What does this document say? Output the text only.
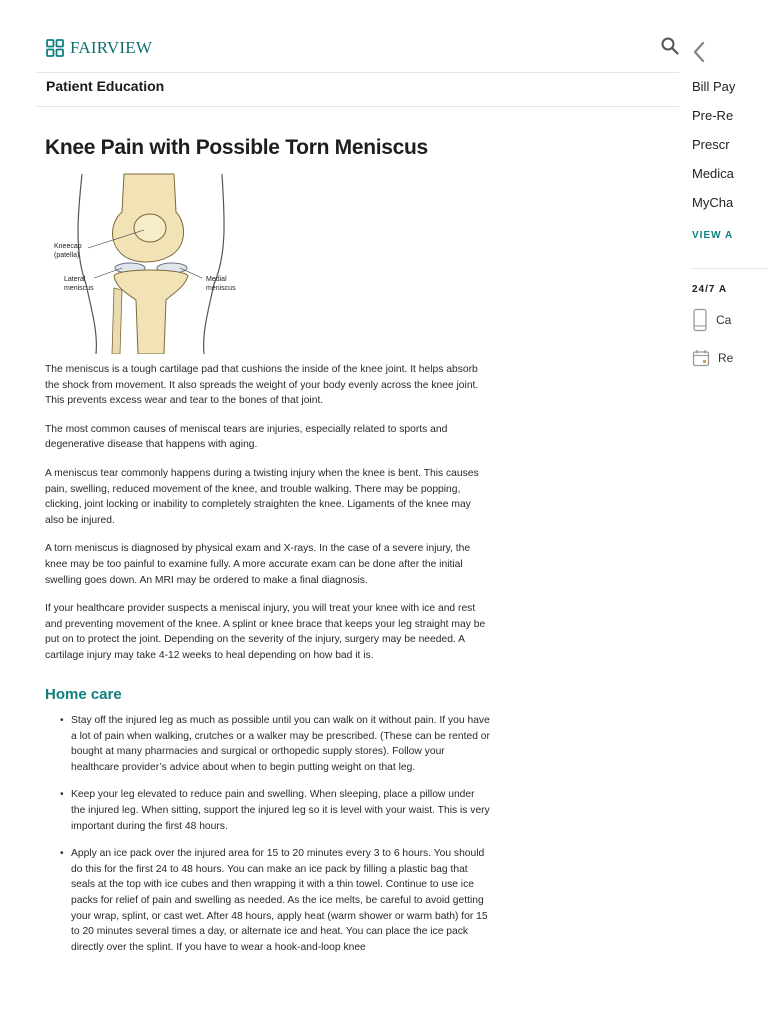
FAIRVIEW
Patient Education	Bill Pay
Pre-Re
Prescr
Medica
MyCha
VIEW A
24/7 A
Ca
Re
Knee Pain with Possible Torn Meniscus
Kneecap
(patella)
Lateral
meniscus
Medial
meniscus

The meniscus is a tough cartilage pad that cushions the inside of the knee joint. It helps absorb the shock from movement. It also spreads the weight of your body evenly across the knee joint. This prevents excess wear and tear to the bones of that joint.

The most common causes of meniscal tears are injuries, especially related to sports and degenerative disease that happens with aging.

A meniscus tear commonly happens during a twisting injury when the knee is bent. This causes pain, swelling, reduced movement of the knee, and trouble walking. There may be popping, clicking, joint locking or inability to completely straighten the knee. Ligaments of the knee may also be injured.

A torn meniscus is diagnosed by physical exam and X-rays. In the case of a severe injury, the knee may be too painful to examine fully. A more accurate exam can be done after the initial swelling goes down. An MRI may be ordered to make a final diagnosis.

If your healthcare provider suspects a meniscal injury, you will treat your knee with ice and rest and preventing movement of the knee. A splint or knee brace that keeps your leg straight may be put on to protect the joint. Depending on the severity of the injury, surgery may be needed. A cartilage injury may take 4-12 weeks to heal depending on how bad it is.

Home care
• Stay off the injured leg as much as possible until you can walk on it without pain. If you have a lot of pain when walking, crutches or a walker may be prescribed. (These can be rented or bought at many pharmacies and surgical or orthopedic supply stores). Follow your healthcare provider’s advice about when to begin putting weight on that leg.
• Keep your leg elevated to reduce pain and swelling. When sleeping, place a pillow under the injured leg. When sitting, support the injured leg so it is level with your waist. This is very important during the first 48 hours.
• Apply an ice pack over the injured area for 15 to 20 minutes every 3 to 6 hours. You should do this for the first 24 to 48 hours. You can make an ice pack by filling a plastic bag that seals at the top with ice cubes and then wrapping it with a thin towel. Continue to use ice packs for relief of pain and swelling as needed. As the ice melts, be careful to avoid getting your wrap, splint, or cast wet. After 48 hours, apply heat (warm shower or warm bath) for 15 to 20 minutes several times a day, or alternate ice and heat. You can place the ice pack directly over the splint. If you have to wear a hook-and-loop knee
